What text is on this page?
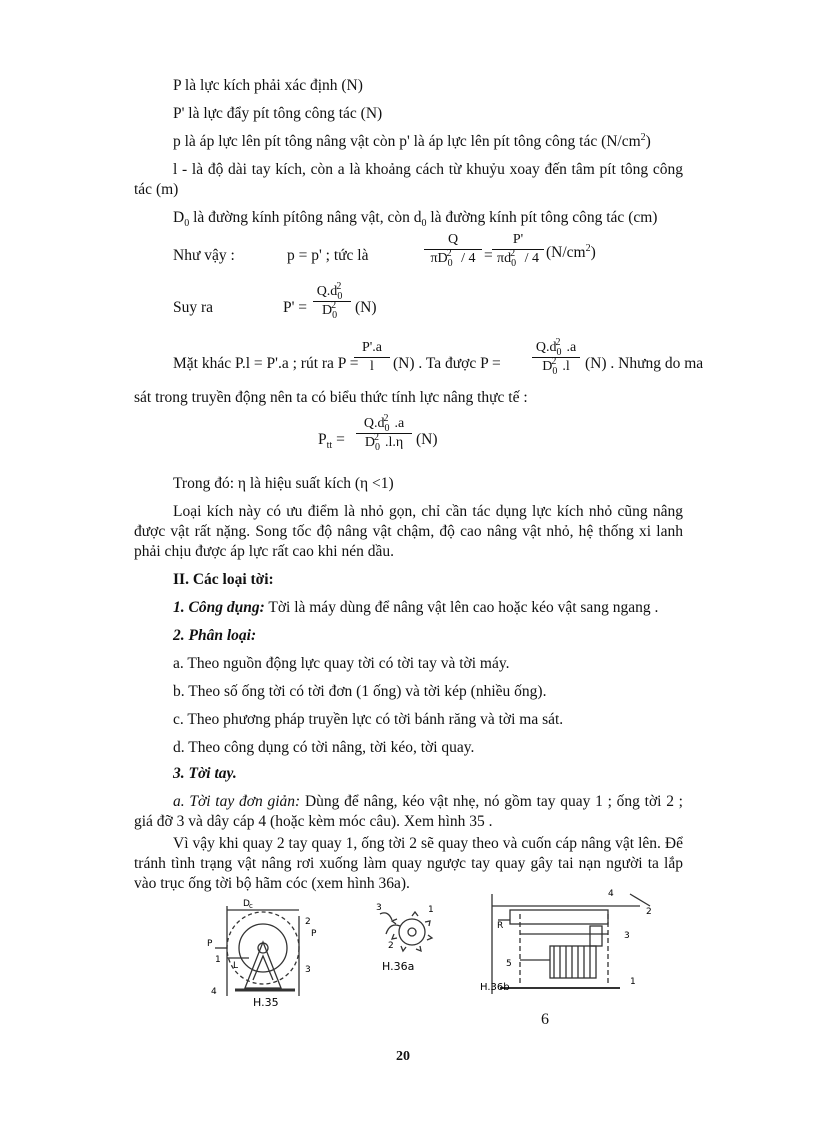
P là lực kích phải xác định (N)
P' là lực đẩy pít tông công tác (N)
p là áp lực lên pít tông nâng vật còn p' là áp lực lên pít tông công tác $(N/cm^2)$
l - là độ dài tay kích, còn a là khoảng cách từ khuỷu xoay đến tâm pít tông công tác (m)
$D_0$ là đường kính pítông nâng vật, còn $d_0$ là đường kính pít tông công tác (cm)
Như vậy :	p = p' ; tức là
Q
$\pi D_0^2 / 4$ =
P'
$\pi d_0^2 / 4$ $(N/cm^2)$
Suy ra	P' =
$Q.d_0^2$
$D_0^2$	(N)
Mặt khác P.l = P'.a ; rút ra P =
P'.a
l	(N) . Ta được P =
$Q.d_0^2$ .a
$D_0^2$ .l (N) . Nhưng do ma
sát trong truyền động nên ta có biểu thức tính lực nâng thực tế :
$P_{tt}$ =
$Q.d_0^2$ .a
$D_0^2$ .l.η (N)
Trong đó: η là hiệu suất kích (η <1)
Loại kích này có ưu điểm là nhỏ gọn, chỉ cần tác dụng lực kích nhỏ cũng nâng được vật rất nặng. Song tốc độ nâng vật chậm, độ cao nâng vật nhỏ, hệ thống xi lanh phải chịu được áp lực rất cao khi nén dầu.
II. Các loại tời:
1. Công dụng: Tời là máy dùng để nâng vật lên cao hoặc kéo vật sang ngang .
2. Phân loại:
a. Theo nguồn động lực quay tời có tời tay và tời máy.
b. Theo số ống tời có tời đơn (1 ống) và tời kép (nhiều ống).
c. Theo phương pháp truyền lực có tời bánh răng và tời ma sát.
d. Theo công dụng có tời nâng, tời kéo, tời quay.
3. Tời tay.
a. Tời tay đơn giản: Dùng để nâng, kéo vật nhẹ, nó gồm tay quay 1 ; ống tời 2 ; giá đỡ 3 và dây cáp 4 (hoặc kèm móc câu). Xem hình 35 .
Vì vậy khi quay 2 tay quay 1, ống tời 2 sẽ quay theo và cuốn cáp nâng vật lên. Để tránh tình trạng vật nâng rơi xuống làm quay ngược tay quay gây tai nạn người ta lắp vào trục ống tời bộ hãm cóc (xem hình 36a).
D c
2
P
1
L	3
4
P
H.35
3
2
1
H.36a
4
2
R
3
5
1
H.36b
6
20
